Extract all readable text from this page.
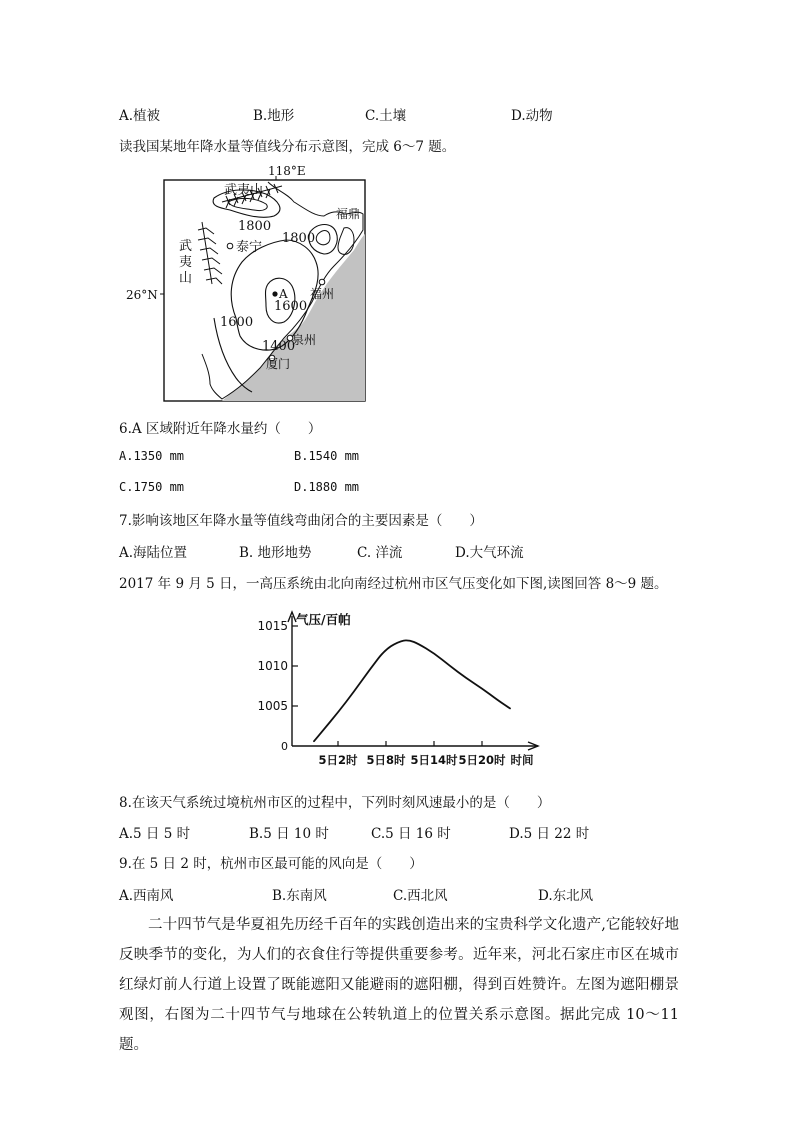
A.植被	B.地形	C.土壤	D.动物
读我国某地年降水量等值线分布示意图，完成 6～7 题。
118°E
武夷山
武
夷
山
福鼎
泰宁
福州
泉州
厦门
A
1800
1800
1600
1600
1400
26°N
6.A 区域附近年降水量约（　　）
A.1350 mm	B.1540 mm
C.1750 mm	D.1880 mm
7.影响该地区年降水量等值线弯曲闭合的主要因素是（　　）
A.海陆位置	B. 地形地势	C. 洋流	D.大气环流
2017 年 9 月 5 日，一高压系统由北向南经过杭州市区气压变化如下图,读图回答 8～9 题。
气压/百帕
1005
1010
1015
0
5日2时 5日8时 5日14时 5日20时 时间
8.在该天气系统过境杭州市区的过程中，下列时刻风速最小的是（　　）
A.5 日 5 时	B.5 日 10 时	C.5 日 16 时	D.5 日 22 时
9.在 5 日 2 时，杭州市区最可能的风向是（　　）
A.西南风	B.东南风	C.西北风	D.东北风
二十四节气是华夏祖先历经千百年的实践创造出来的宝贵科学文化遗产,它能较好地反映季节的变化，为人们的衣食住行等提供重要参考。近年来，河北石家庄市区在城市红绿灯前人行道上设置了既能遮阳又能避雨的遮阳棚，得到百姓赞许。左图为遮阳棚景观图，右图为二十四节气与地球在公转轨道上的位置关系示意图。据此完成 10～11 题。
